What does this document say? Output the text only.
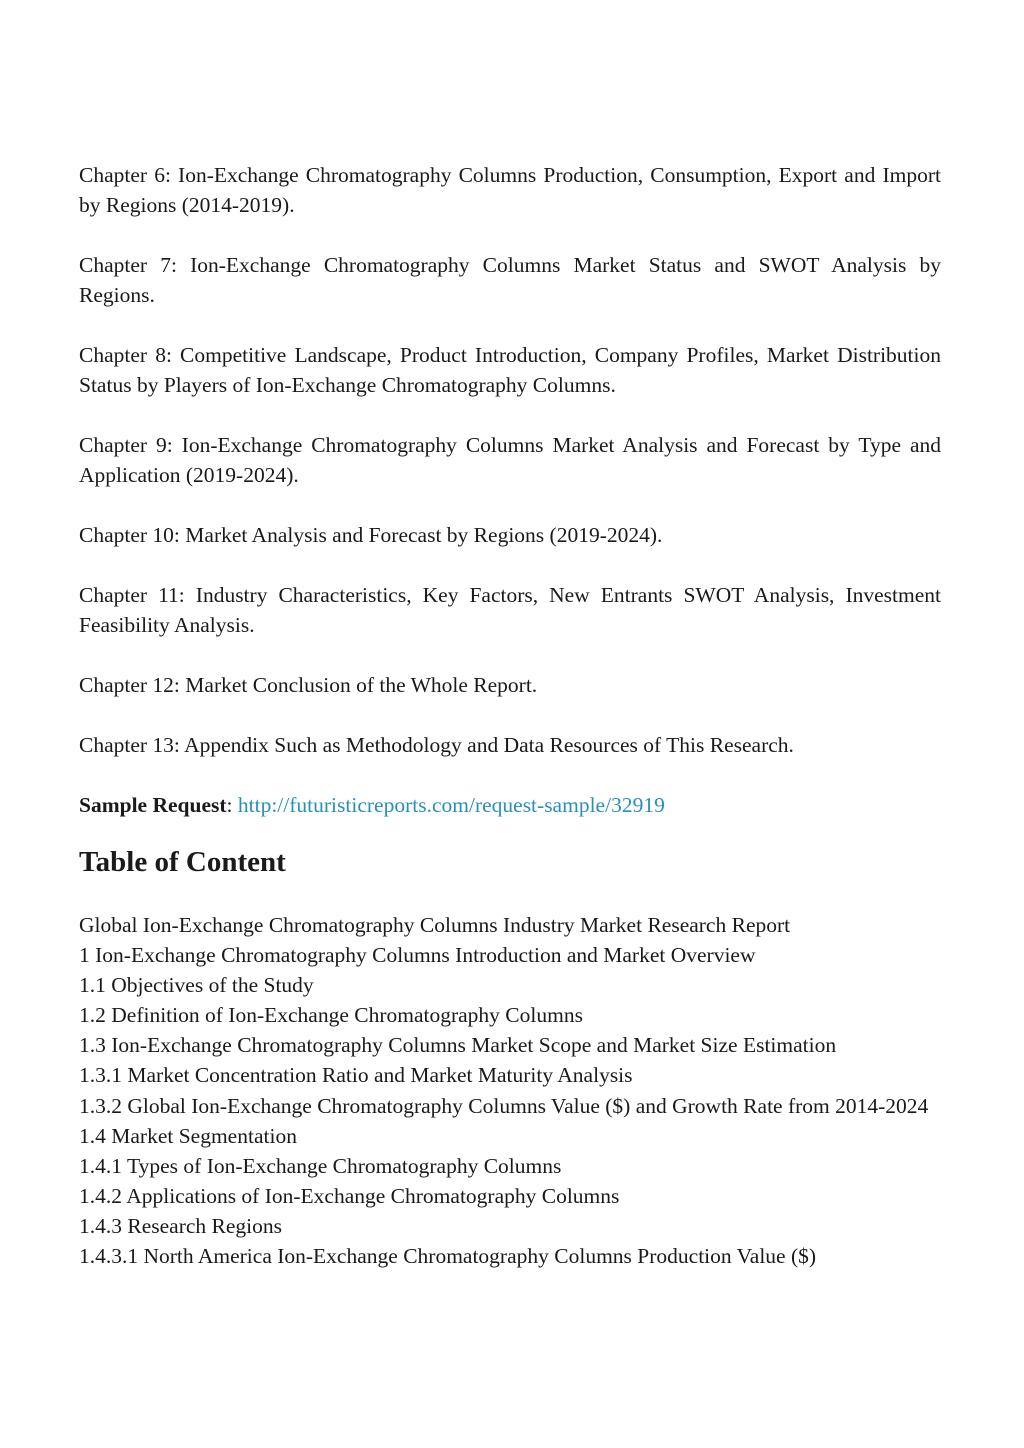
Chapter 6: Ion-Exchange Chromatography Columns Production, Consumption, Export and Import by Regions (2014-2019).

Chapter 7: Ion-Exchange Chromatography Columns Market Status and SWOT Analysis by Regions.

Chapter 8: Competitive Landscape, Product Introduction, Company Profiles, Market Distribution Status by Players of Ion-Exchange Chromatography Columns.

Chapter 9: Ion-Exchange Chromatography Columns Market Analysis and Forecast by Type and Application (2019-2024).

Chapter 10: Market Analysis and Forecast by Regions (2019-2024).

Chapter 11: Industry Characteristics, Key Factors, New Entrants SWOT Analysis, Investment Feasibility Analysis.

Chapter 12: Market Conclusion of the Whole Report.

Chapter 13: Appendix Such as Methodology and Data Resources of This Research.

Sample Request: http://futuristicreports.com/request-sample/32919

Table of Content
Global Ion-Exchange Chromatography Columns Industry Market Research Report
1 Ion-Exchange Chromatography Columns Introduction and Market Overview
1.1 Objectives of the Study
1.2 Definition of Ion-Exchange Chromatography Columns
1.3 Ion-Exchange Chromatography Columns Market Scope and Market Size Estimation
1.3.1 Market Concentration Ratio and Market Maturity Analysis
1.3.2 Global Ion-Exchange Chromatography Columns Value ($) and Growth Rate from 2014-2024
1.4 Market Segmentation
1.4.1 Types of Ion-Exchange Chromatography Columns
1.4.2 Applications of Ion-Exchange Chromatography Columns
1.4.3 Research Regions
1.4.3.1 North America Ion-Exchange Chromatography Columns Production Value ($)
